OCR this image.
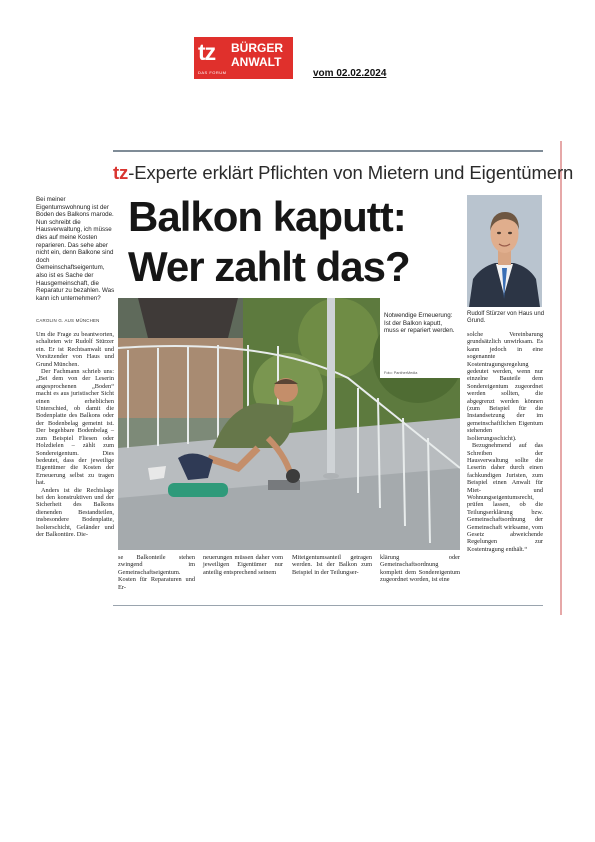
tz BÜRGER
ANWALT
DAS FORUM	vom 02.02.2024
tz-Experte erklärt Pflichten von Mietern und Eigentümern
Bei meiner Eigentumswohnung ist der Boden des Balkons marode. Nun schreibt die Hausverwaltung, ich müsse dies auf meine Kosten reparieren. Das sehe aber nicht ein, denn Balkone sind doch Gemeinschaftseigentum, also ist es Sache der Hausgemeinschaft, die Reparatur zu bezahlen. Was kann ich unternehmen?
CAROLIN G. AUS MÜNCHEN
Balkon kaputt:
Wer zahlt das?
Rudolf Stürzer von Haus und Grund.
Notwendige Erneuerung: Ist der Balkon kaputt, muss er repariert werden.
Foto: PantherMedia

Um die Frage zu beantworten, schalteten wir Rudolf Stürzer ein. Er ist Rechtsanwalt und Vorsitzender von Haus und Grund München.

Der Fachmann schrieb uns: „Bei dem von der Leserin angesprochenen „Boden“ macht es aus juristischer Sicht einen erheblichen Unterschied, ob damit die Bodenplatte des Balkons oder der Bodenbelag gemeint ist. Der begehbare Bodenbelag – zum Beispiel Fliesen oder Holzdielen – zählt zum Sondereigentum. Dies bedeutet, dass der jeweilige Eigentümer die Kosten der Erneuerung selbst zu tragen hat.

Anders ist die Rechtslage bei den konstruktiven und der Sicherheit des Balkons dienenden Bestandteilen, insbesondere Bodenplatte, Isolierschicht, Geländer und der Balkontüre. Die-

se Balkonteile stehen zwingend im Gemeinschaftseigentum. Kosten für Reparaturen und Er-
neuerungen müssen daher vom jeweiligen Eigentümer nur anteilig entsprechend seinem
Miteigentumsanteil getragen werden. Ist der Balkon zum Beispiel in der Teilungser-
klärung oder Gemeinschaftsordnung komplett dem Sondereigentum zugeordnet worden, ist eine

solche Vereinbarung grundsätzlich unwirksam. Es kann jedoch in eine sogenannte Kostentragungsregelung gedeutet werden, wenn nur einzelne Bauteile dem Sondereigentum zugeordnet werden sollten, die abgegrenzt werden können (zum Beispiel für die Instandsetzung der im gemeinschaftlichen Eigentum stehenden Isolierungsschicht).

Bezugnehmend auf das Schreiben der Hausverwaltung sollte die Leserin daher durch einen fachkundigen Juristen, zum Beispiel einen Anwalt für Miet- und Wohnungseigentumsrecht, prüfen lassen, ob die Teilungserklärung bzw. Gemeinschaftsordnung der Gemeinschaft wirksame, vom Gesetz abweichende Regelungen zur Kostentragung enthält.“
